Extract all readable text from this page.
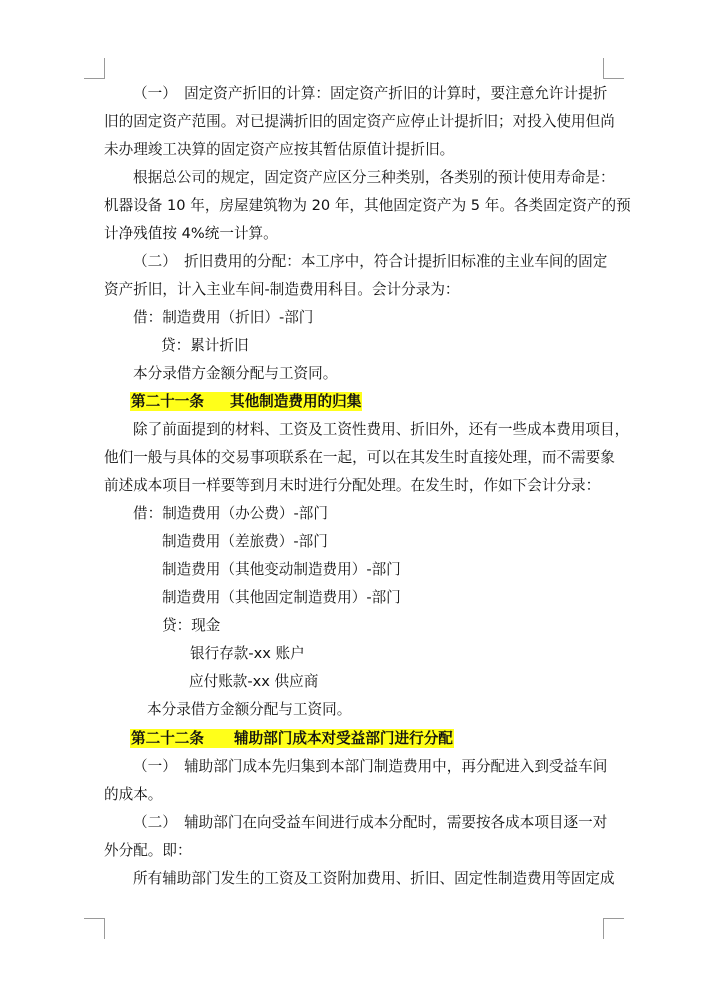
（一）　固定资产折旧的计算：固定资产折旧的计算时，要注意允许计提折
旧的固定资产范围。对已提满折旧的固定资产应停止计提折旧；对投入使用但尚
未办理竣工决算的固定资产应按其暂估原值计提折旧。
根据总公司的规定，固定资产应区分三种类别，各类别的预计使用寿命是：
机器设备 10 年，房屋建筑物为 20 年，其他固定资产为 5 年。各类固定资产的预
计净残值按 4%统一计算。
（二）　折旧费用的分配：本工序中，符合计提折旧标准的主业车间的固定
资产折旧，计入主业车间-制造费用科目。会计分录为：
借：制造费用（折旧）-部门
贷：累计折旧
本分录借方金额分配与工资同。
第二十一条 其他制造费用的归集
除了前面提到的材料、工资及工资性费用、折旧外，还有一些成本费用项目，
他们一般与具体的交易事项联系在一起，可以在其发生时直接处理，而不需要象
前述成本项目一样要等到月末时进行分配处理。在发生时，作如下会计分录：
借：制造费用（办公费）-部门
制造费用（差旅费）-部门
制造费用（其他变动制造费用）-部门
制造费用（其他固定制造费用）-部门
贷：现金
银行存款-xx 账户
应付账款-xx 供应商
本分录借方金额分配与工资同。
第二十二条 辅助部门成本对受益部门进行分配
（一）　辅助部门成本先归集到本部门制造费用中，再分配进入到受益车间
的成本。
（二）　辅助部门在向受益车间进行成本分配时，需要按各成本项目逐一对
外分配。即：
所有辅助部门发生的工资及工资附加费用、折旧、固定性制造费用等固定成
